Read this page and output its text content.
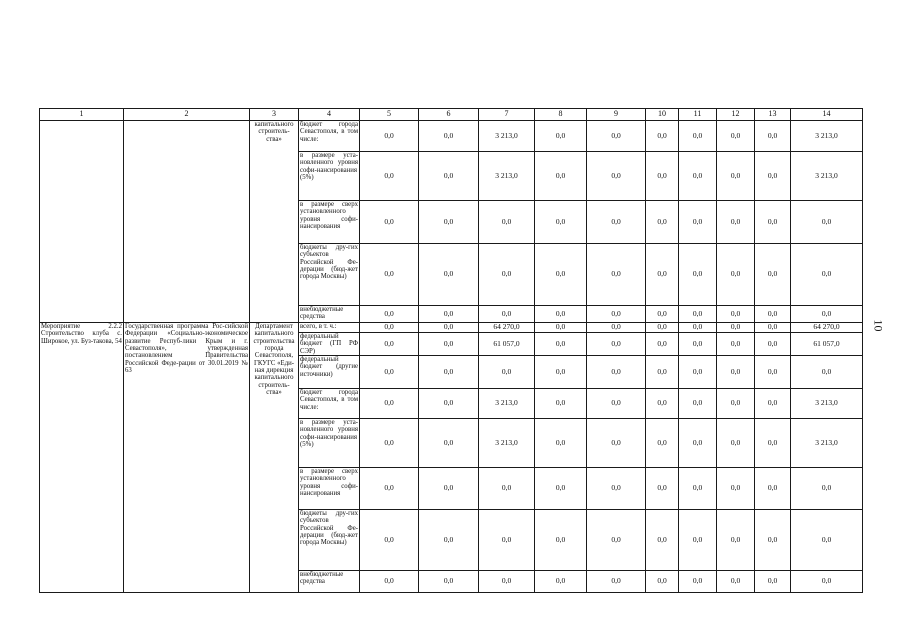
1	2	3	4	5	6	7	8	9	10	11	12	13	14
		капитального строитель-ства»	бюджет города Севастополя, в том числе:	0,0	0,0	3 213,0	0,0	0,0	0,0	0,0	0,0	0,0	3 213,0
			в размере уста-новленного уровня софи-нансирования (5%)	0,0	0,0	3 213,0	0,0	0,0	0,0	0,0	0,0	0,0	3 213,0
			в размере сверх установленного уровня софи-нансирования	0,0	0,0	0,0	0,0	0,0	0,0	0,0	0,0	0,0	0,0
			бюджеты дру-гих субъектов Российской Фе-дерации (бюд-жет города Москвы)	0,0	0,0	0,0	0,0	0,0	0,0	0,0	0,0	0,0	0,0
			внебюджетные средства	0,0	0,0	0,0	0,0	0,0	0,0	0,0	0,0	0,0	0,0
Мероприятие 2.2.2 Строительство клуба с. Широкое, ул. Буз-такова, 54	Государственная программа Рос-сийской Федерации «Социально-экономическое развитие Респуб-лики Крым и г. Севастополя», утвержденная постановлением Правительства Российской Феде-рации от 30.01.2019 № 63	Департамент капитального строительства города Севастополя, ГКУГС «Еди-ная дирекция капитального строитель-ства»	всего, в т. ч.:	0,0	0,0	64 270,0	0,0	0,0	0,0	0,0	0,0	0,0	64 270,0
			федеральный бюджет (ГП РФ СЭР)	0,0	0,0	61 057,0	0,0	0,0	0,0	0,0	0,0	0,0	61 057,0
			федеральный бюджет (другие источники)	0,0	0,0	0,0	0,0	0,0	0,0	0,0	0,0	0,0	0,0
			бюджет города Севастополя, в том числе:	0,0	0,0	3 213,0	0,0	0,0	0,0	0,0	0,0	0,0	3 213,0
			в размере уста-новленного уровня софи-нансирования (5%)	0,0	0,0	3 213,0	0,0	0,0	0,0	0,0	0,0	0,0	3 213,0
			в размере сверх установленного уровня софи-нансирования	0,0	0,0	0,0	0,0	0,0	0,0	0,0	0,0	0,0	0,0
			бюджеты дру-гих субъектов Российской Фе-дерации (бюд-жет города Москвы)	0,0	0,0	0,0	0,0	0,0	0,0	0,0	0,0	0,0	0,0
			внебюджетные средства	0,0	0,0	0,0	0,0	0,0	0,0	0,0	0,0	0,0	0,0
10
